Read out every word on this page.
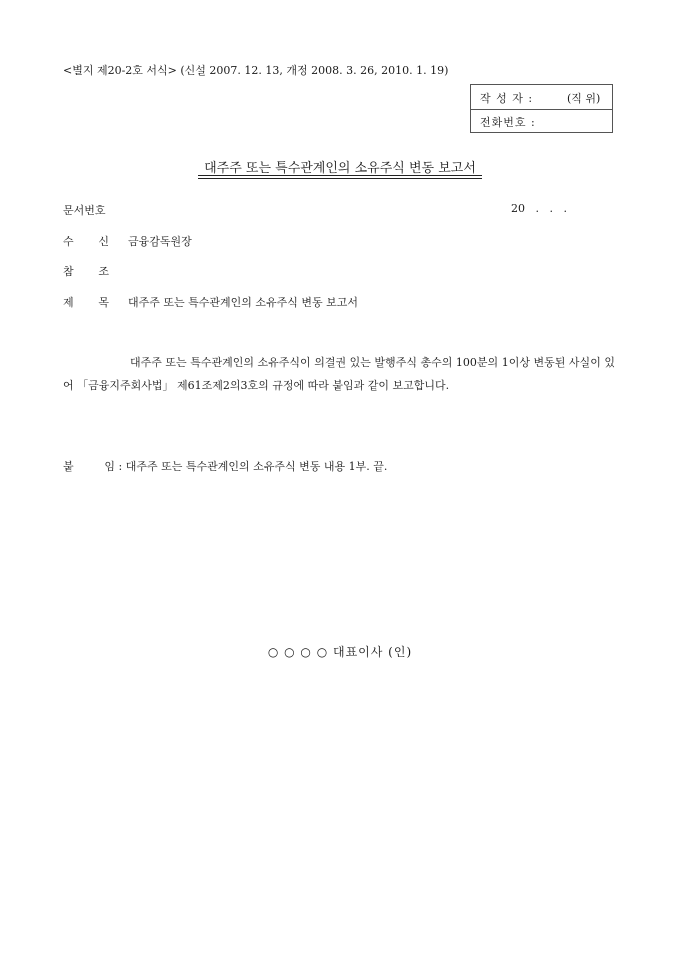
<별지 제20-2호 서식> (신설 2007. 12. 13, 개정 2008. 3. 26, 2010. 1. 19)
작 성 자 :	(직 위)
전화번호 :
대주주 또는 특수관계인의 소유주식 변동 보고서
문서번호	20   .   .   .
수 신 금융감독원장
참 조
제 목 대주주 또는 특수관계인의 소유주식 변동 보고서
대주주 또는 특수관계인의 소유주식이 의결권 있는 발행주식 총수의 100분의 1이상 변동된 사실이 있어 「금융지주회사법」 제61조제2의3호의 규정에 따라 붙임과 같이 보고합니다.
붙	임 : 대주주 또는 특수관계인의 소유주식 변동 내용 1부. 끝.
○ ○ ○ ○ 대표이사 (인)
